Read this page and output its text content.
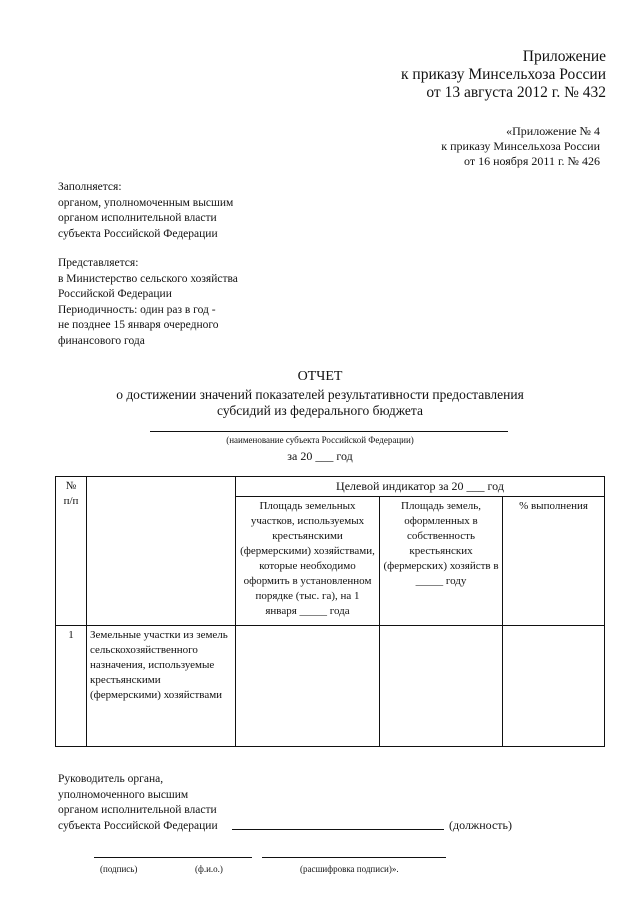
Приложение
к приказу Минсельхоза России
от 13 августа 2012 г. № 432
«Приложение № 4
к приказу Минсельхоза России
от 16 ноября 2011 г. № 426
Заполняется:
органом, уполномоченным высшим
органом исполнительной власти
субъекта Российской Федерации
Представляется:
в Министерство сельского хозяйства
Российской Федерации
Периодичность: один раз в год -
не позднее 15 января очередного
финансового года
ОТЧЕТ
о достижении значений показателей результативности предоставления
субсидий из федерального бюджета
(наименование субъекта Российской Федерации)
за 20 ___ год
№
п/п		Целевой индикатор за 20 ___ год		
		Площадь земельных участков, используемых крестьянскими (фермерскими) хозяйствами, которые необходимо оформить в установленном порядке (тыс. га), на 1 января _____ года	Площадь земель, оформленных в собственность крестьянских (фермерских) хозяйств в _____ году	% выполнения
1	Земельные участки из земель сельскохозяйственного назначения, используемые крестьянскими (фермерскими) хозяйствами			
Руководитель органа,
уполномоченного высшим
органом исполнительной власти
субъекта Российской Федерации	(должность)
(подпись)	(ф.и.о.)	(расшифровка подписи)».
